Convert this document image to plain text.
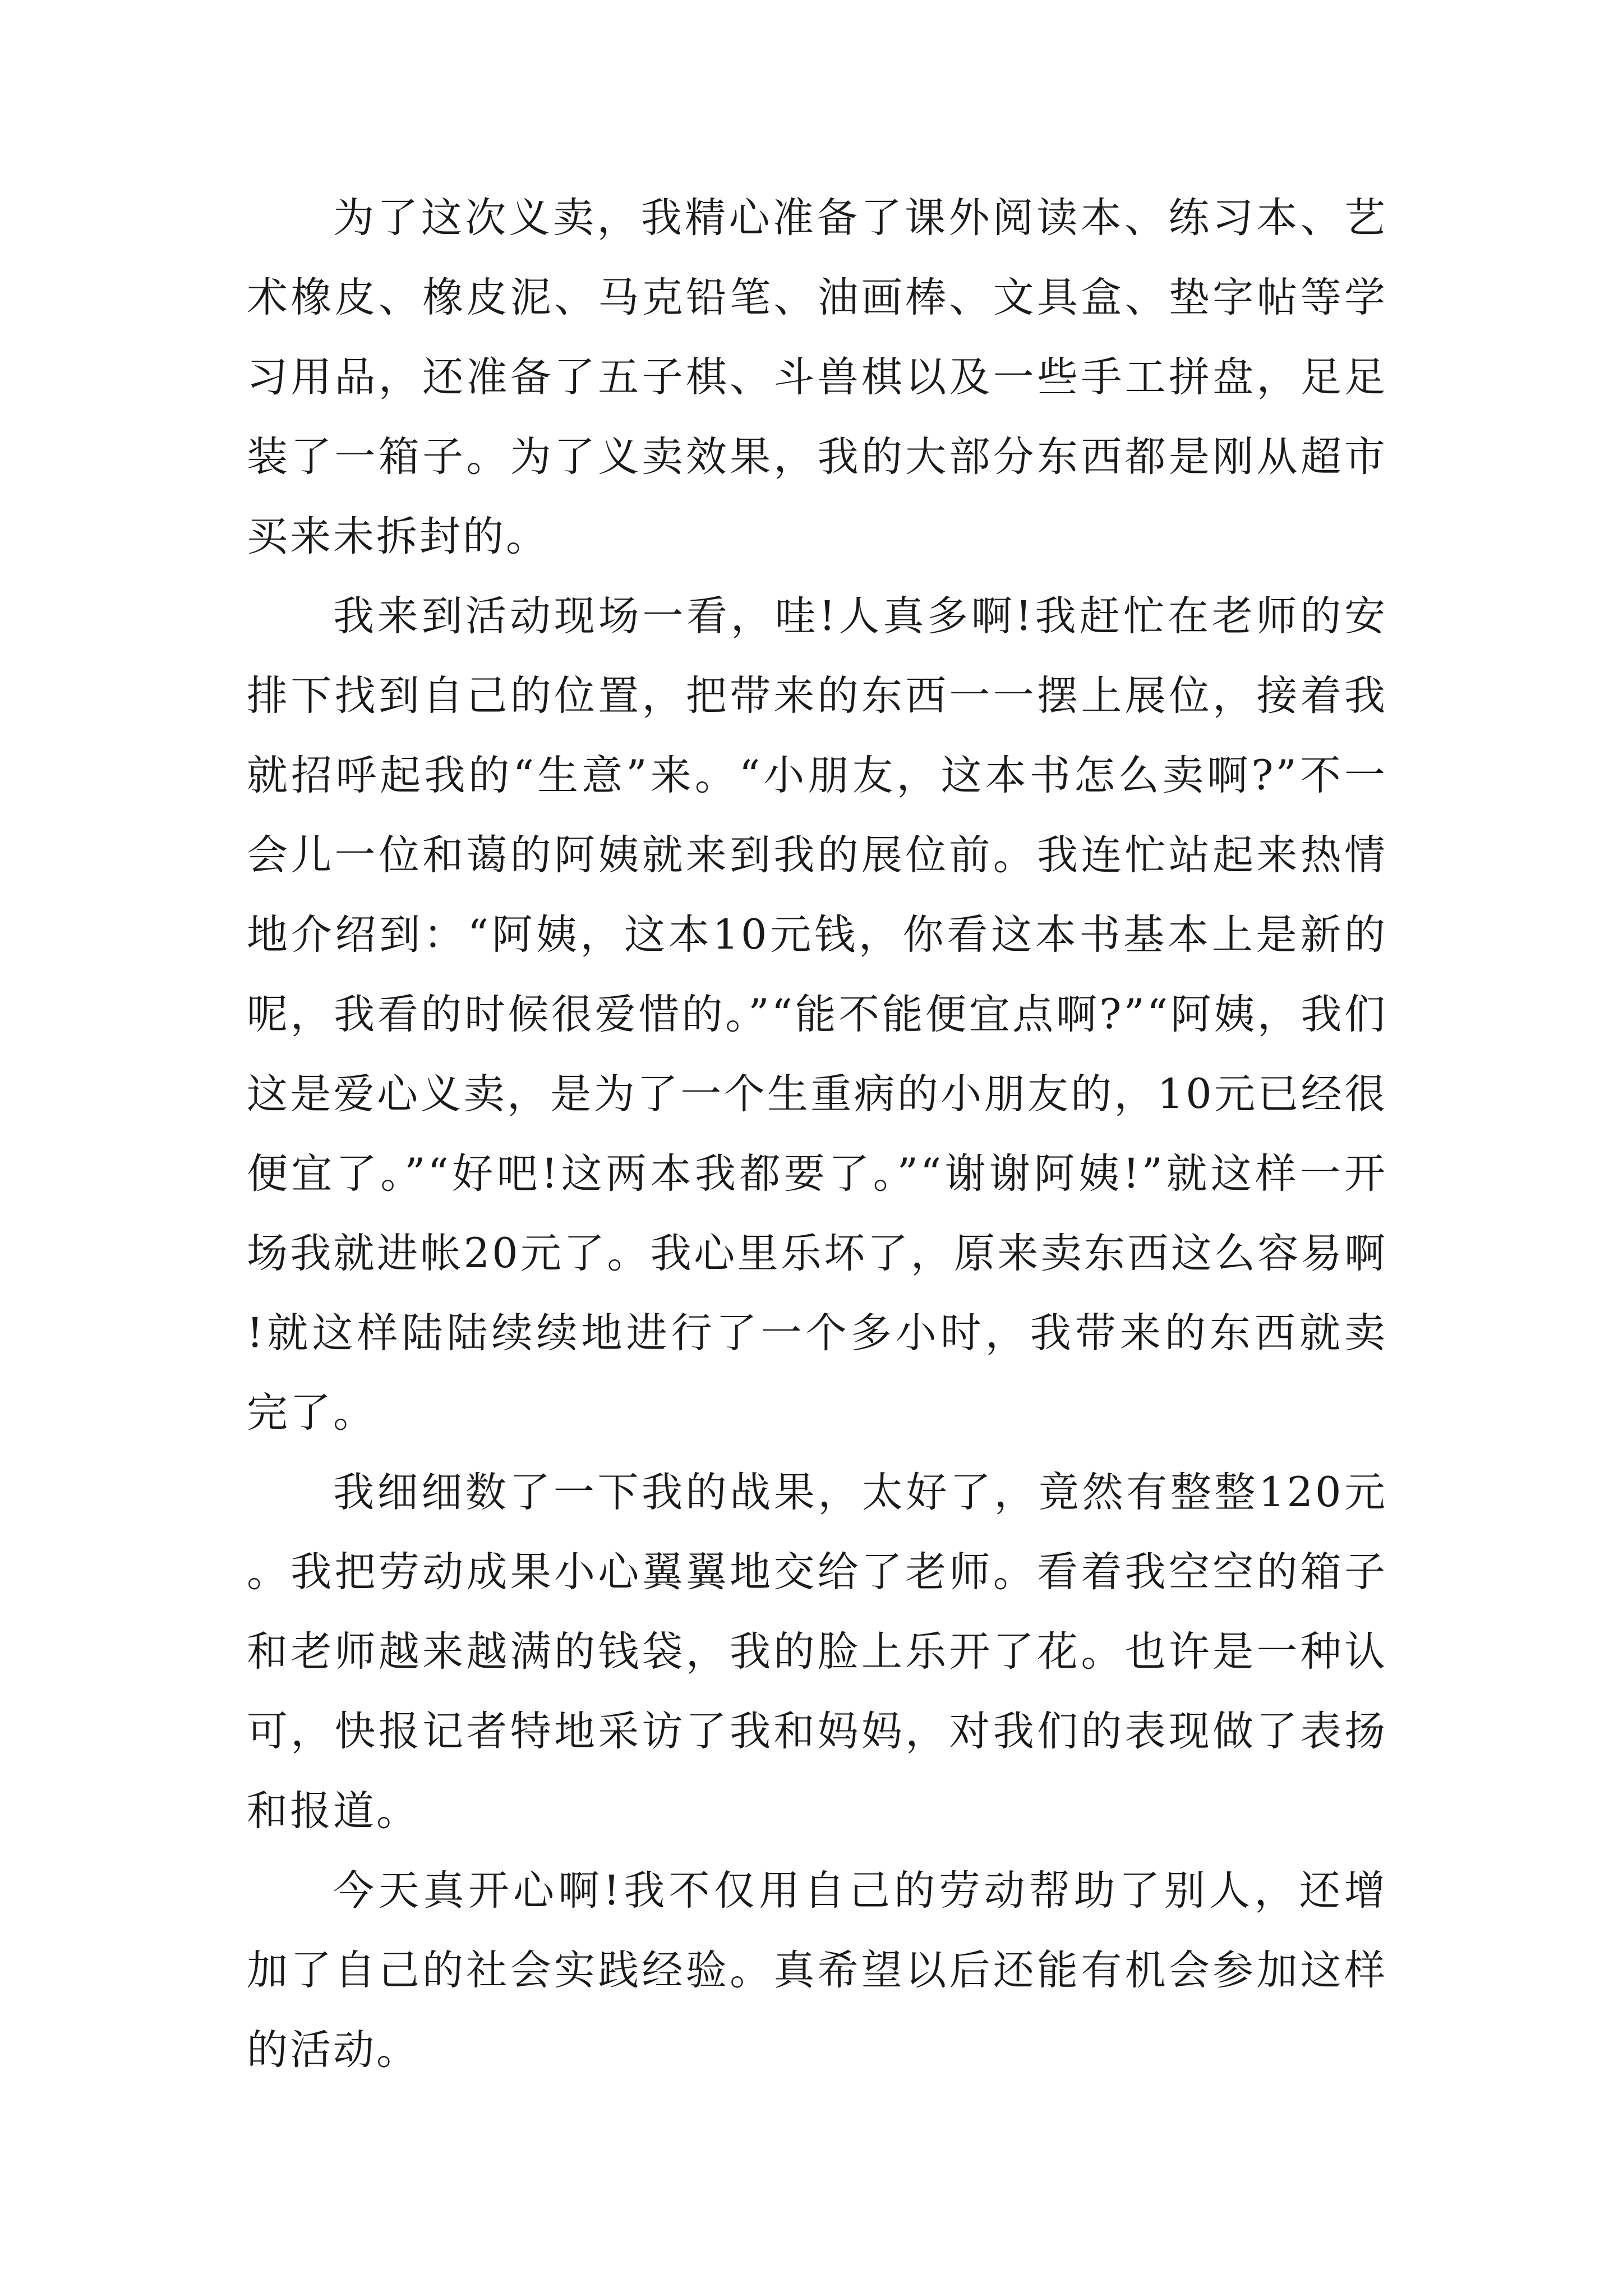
为了这次义卖，我精心准备了课外阅读本、练习本、艺术橡皮、橡皮泥、马克铅笔、油画棒、文具盒、垫字帖等学习用品，还准备了五子棋、斗兽棋以及一些手工拼盘，足足装了一箱子。为了义卖效果，我的大部分东西都是刚从超市买来未拆封的。

我来到活动现场一看，哇!人真多啊!我赶忙在老师的安排下找到自己的位置，把带来的东西一一摆上展位，接着我就招呼起我的“生意”来。“小朋友，这本书怎么卖啊?”不一会儿一位和蔼的阿姨就来到我的展位前。我连忙站起来热情地介绍到：“阿姨，这本10元钱，你看这本书基本上是新的呢，我看的时候很爱惜的。”“能不能便宜点啊?”“阿姨，我们这是爱心义卖，是为了一个生重病的小朋友的，10元已经很便宜了。”“好吧!这两本我都要了。”“谢谢阿姨!”就这样一开场我就进帐20元了。我心里乐坏了，原来卖东西这么容易啊!就这样陆陆续续地进行了一个多小时，我带来的东西就卖完了。

我细细数了一下我的战果，太好了，竟然有整整120元。我把劳动成果小心翼翼地交给了老师。看着我空空的箱子和老师越来越满的钱袋，我的脸上乐开了花。也许是一种认可，快报记者特地采访了我和妈妈，对我们的表现做了表扬和报道。

今天真开心啊!我不仅用自己的劳动帮助了别人，还增加了自己的社会实践经验。真希望以后还能有机会参加这样的活动。
